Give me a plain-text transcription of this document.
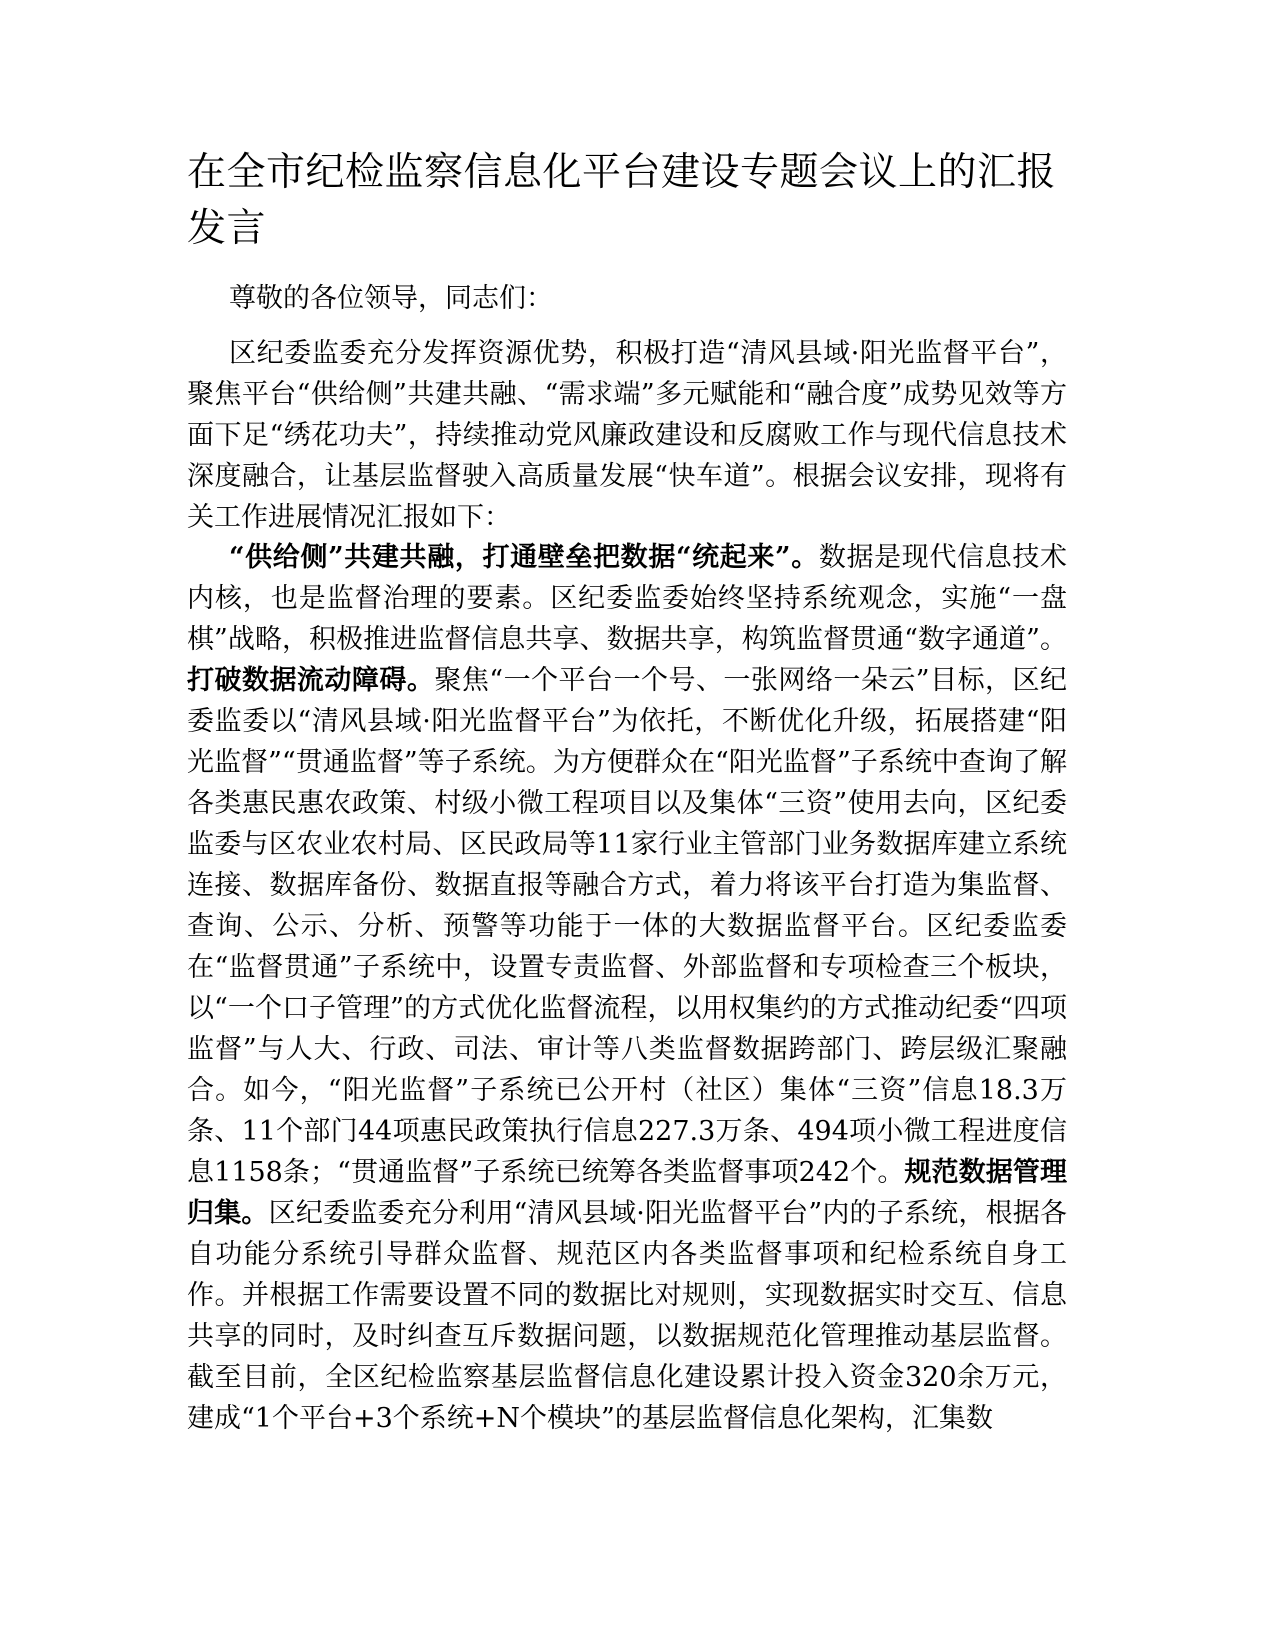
在全市纪检监察信息化平台建设专题会议上的汇报发言

尊敬的各位领导，同志们：

区纪委监委充分发挥资源优势，积极打造“清风县域·阳光监督平台”，聚焦平台“供给侧”共建共融、“需求端”多元赋能和“融合度”成势见效等方面下足“绣花功夫”，持续推动党风廉政建设和反腐败工作与现代信息技术深度融合，让基层监督驶入高质量发展“快车道”。根据会议安排，现将有关工作进展情况汇报如下：

“供给侧”共建共融，打通壁垒把数据“统起来”。数据是现代信息技术内核，也是监督治理的要素。区纪委监委始终坚持系统观念，实施“一盘棋”战略，积极推进监督信息共享、数据共享，构筑监督贯通“数字通道”。打破数据流动障碍。聚焦“一个平台一个号、一张网络一朵云”目标，区纪委监委以“清风县域·阳光监督平台”为依托，不断优化升级，拓展搭建“阳光监督”“贯通监督”等子系统。为方便群众在“阳光监督”子系统中查询了解各类惠民惠农政策、村级小微工程项目以及集体“三资”使用去向，区纪委监委与区农业农村局、区民政局等11家行业主管部门业务数据库建立系统连接、数据库备份、数据直报等融合方式，着力将该平台打造为集监督、查询、公示、分析、预警等功能于一体的大数据监督平台。区纪委监委在“监督贯通”子系统中，设置专责监督、外部监督和专项检查三个板块，以“一个口子管理”的方式优化监督流程，以用权集约的方式推动纪委“四项监督”与人大、行政、司法、审计等八类监督数据跨部门、跨层级汇聚融合。如今，“阳光监督”子系统已公开村（社区）集体“三资”信息18.3万条、11个部门44项惠民政策执行信息227.3万条、494项小微工程进度信息1158条；“贯通监督”子系统已统筹各类监督事项242个。规范数据管理归集。区纪委监委充分利用“清风县域·阳光监督平台”内的子系统，根据各自功能分系统引导群众监督、规范区内各类监督事项和纪检系统自身工作。并根据工作需要设置不同的数据比对规则，实现数据实时交互、信息共享的同时，及时纠查互斥数据问题，以数据规范化管理推动基层监督。截至目前，全区纪检监察基层监督信息化建设累计投入资金320余万元，建成“1个平台+3个系统+N个模块”的基层监督信息化架构，汇集数
